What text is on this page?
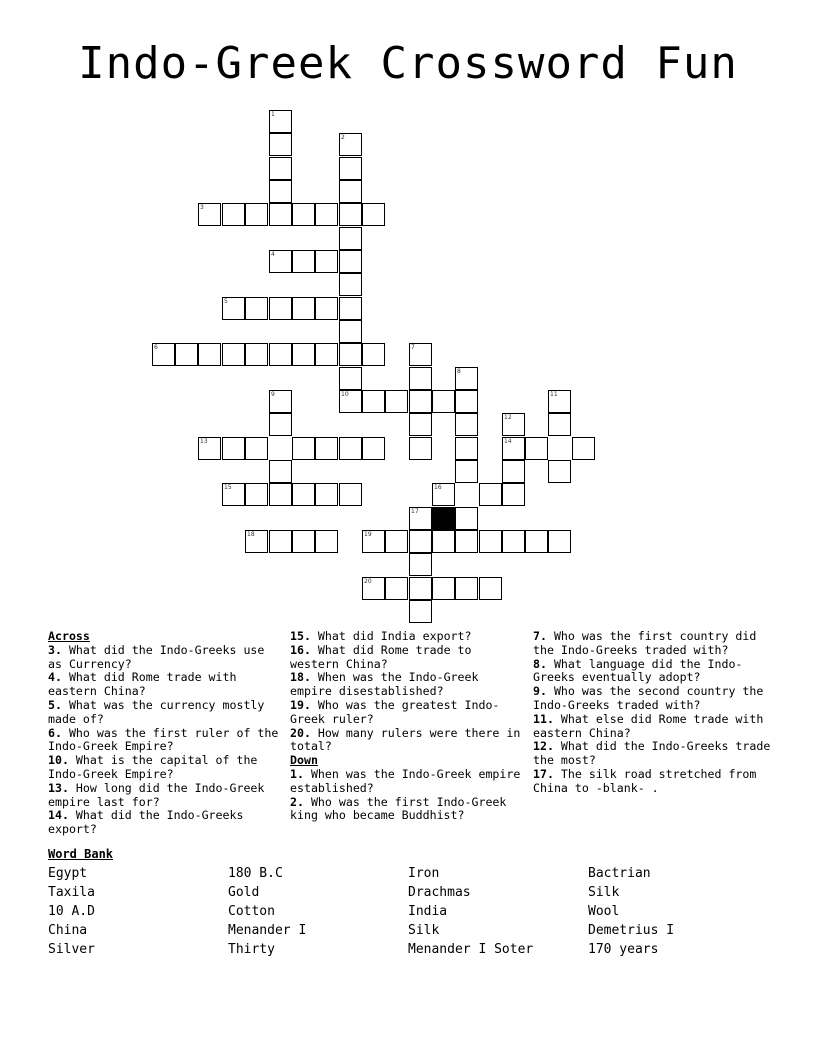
Indo-Greek Crossword Fun
1
2
3
4
5
6	7
8
9	10	11
12
13	14
15	16
17
18	19
20
Across
3. What did the Indo-Greeks use as Currency?
4. What did Rome trade with eastern China?
5. What was the currency mostly made of?
6. Who was the first ruler of the Indo-Greek Empire?
10. What is the capital of the Indo-Greek Empire?
13. How long did the Indo-Greek empire last for?
14. What did the Indo-Greeks export?
15. What did India export?
16. What did Rome trade to western China?
18. When was the Indo-Greek empire disestablished?
19. Who was the greatest Indo-Greek ruler?
20. How many rulers were there in total?
Down
1. When was the Indo-Greek empire established?
2. Who was the first Indo-Greek king who became Buddhist?
7. Who was the first country did the Indo-Greeks traded with?
8. What language did the Indo-Greeks eventually adopt?
9. Who was the second country the Indo-Greeks traded with?
11. What else did Rome trade with eastern China?
12. What did the Indo-Greeks trade the most?
17. The silk road stretched from China to -blank- .
Word Bank
Egypt	180 B.C	Iron	Bactrian
Taxila	Gold	Drachmas	Silk
10 A.D	Cotton	India	Wool
China	Menander I	Silk	Demetrius I
Silver	Thirty	Menander I Soter	170 years
